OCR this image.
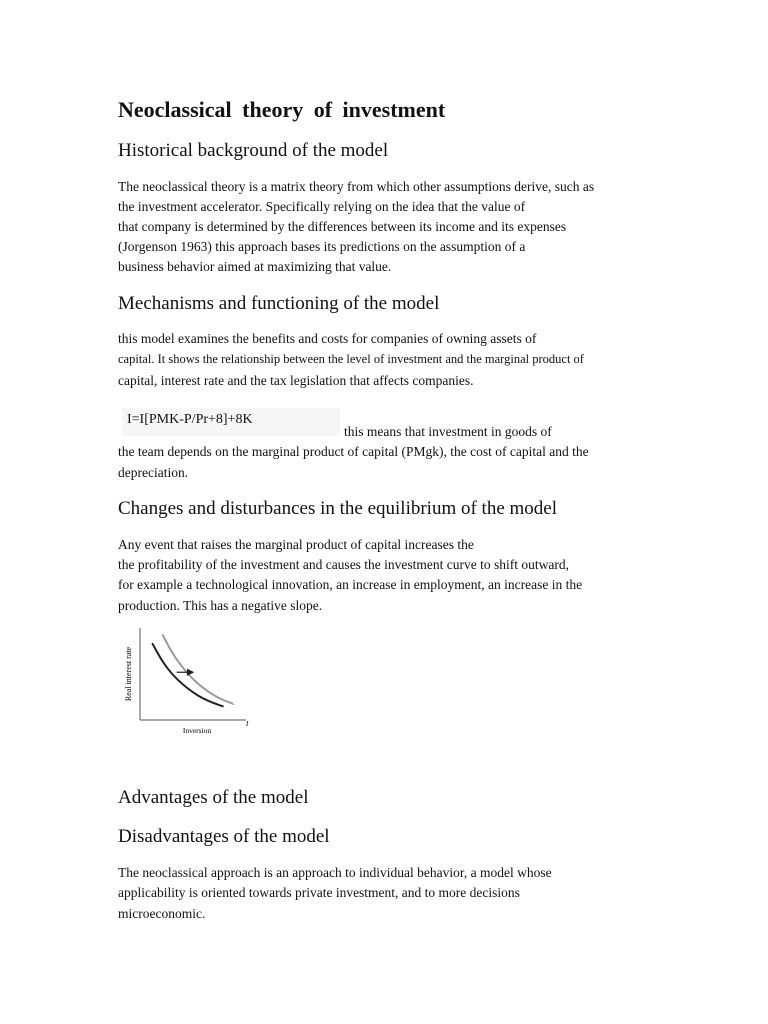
Neoclassical theory of investment
Historical background of the model
The neoclassical theory is a matrix theory from which other assumptions derive, such as
the investment accelerator. Specifically relying on the idea that the value of
that company is determined by the differences between its income and its expenses
(Jorgenson 1963) this approach bases its predictions on the assumption of a
business behavior aimed at maximizing that value.
Mechanisms and functioning of the model
this model examines the benefits and costs for companies of owning assets of
capital. It shows the relationship between the level of investment and the marginal product of
capital, interest rate and the tax legislation that affects companies.
I=I[PMK-P/Pr+8]+8K
this means that investment in goods of
the team depends on the marginal product of capital (PMgk), the cost of capital and the
depreciation.
Changes and disturbances in the equilibrium of the model
Any event that raises the marginal product of capital increases the
the profitability of the investment and causes the investment curve to shift outward,
for example a technological innovation, an increase in employment, an increase in the
production. This has a negative slope.
Real interest rate
Inversion
I
Advantages of the model
Disadvantages of the model
The neoclassical approach is an approach to individual behavior, a model whose
applicability is oriented towards private investment, and to more decisions
microeconomic.
